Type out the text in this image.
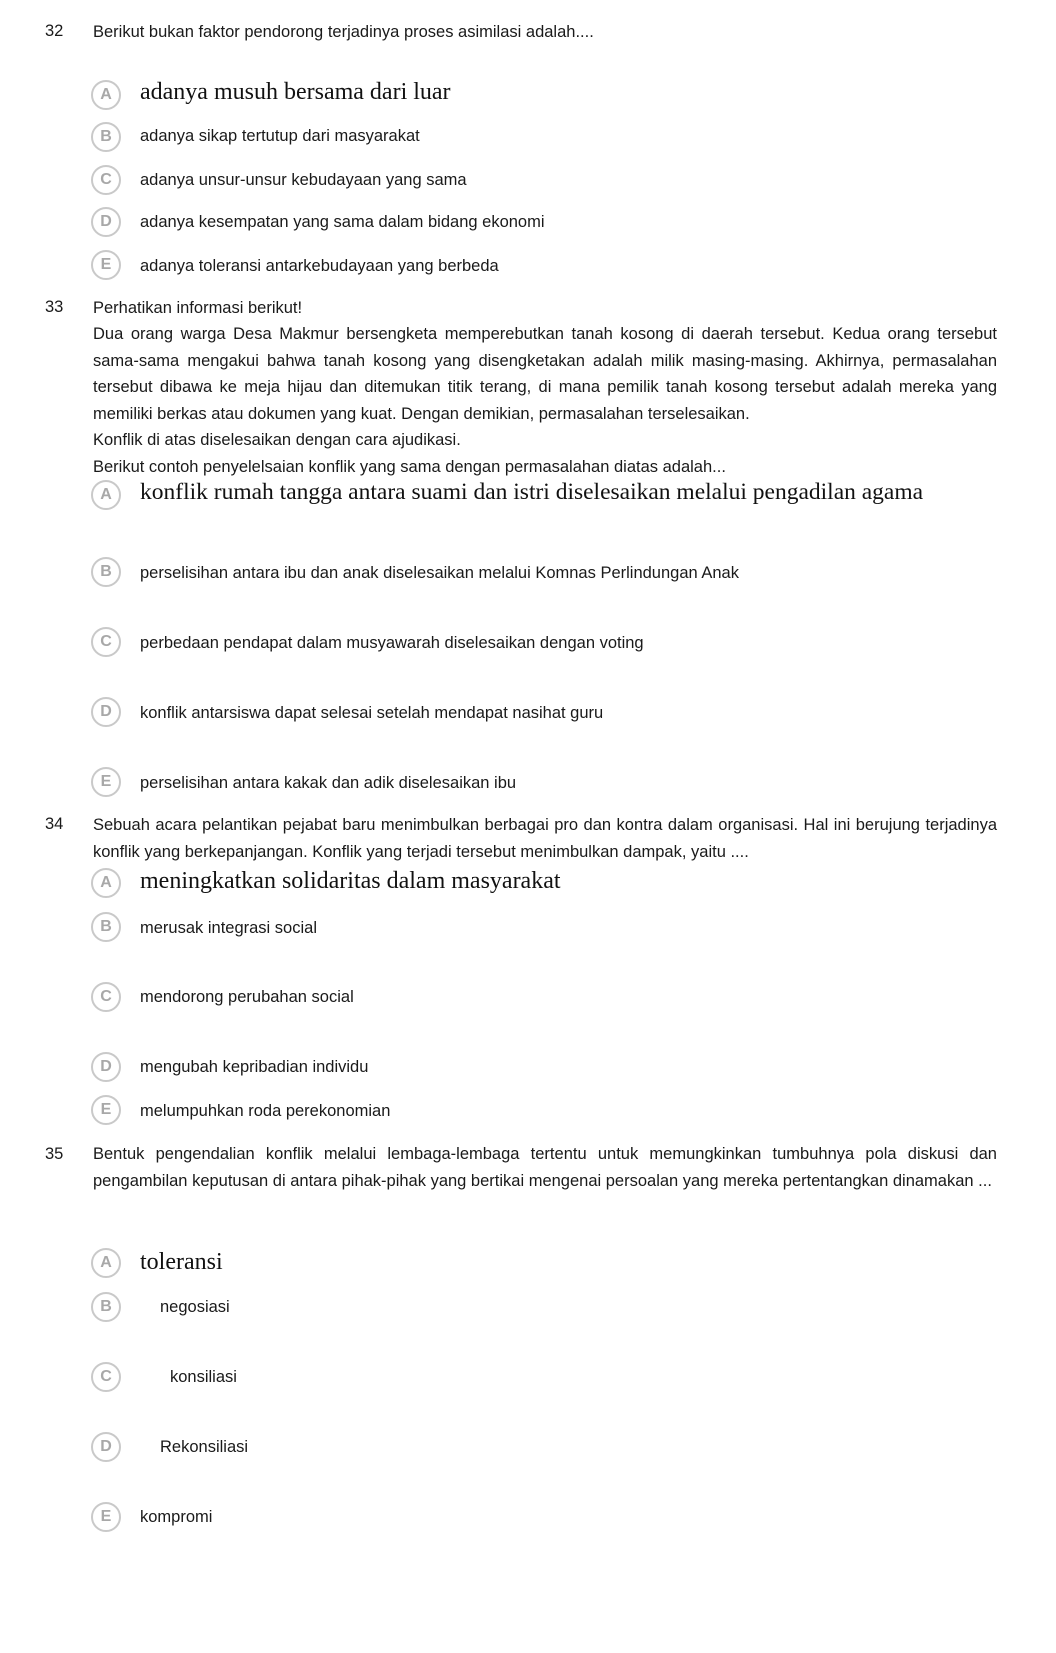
32 Berikut bukan faktor pendorong terjadinya proses asimilasi adalah....
A	adanya musuh bersama dari luar
B	adanya sikap tertutup dari masyarakat
C	adanya unsur-unsur kebudayaan yang sama
D	adanya kesempatan yang sama dalam bidang ekonomi
E	adanya toleransi antarkebudayaan yang berbeda
33 Perhatikan informasi berikut!

Dua orang warga Desa Makmur bersengketa memperebutkan tanah kosong di daerah tersebut. Kedua orang tersebut sama-sama mengakui bahwa tanah kosong yang disengketakan adalah milik masing-masing. Akhirnya, permasalahan tersebut dibawa ke meja hijau dan ditemukan titik terang, di mana pemilik tanah kosong tersebut adalah mereka yang memiliki berkas atau dokumen yang kuat. Dengan demikian, permasalahan terselesaikan.

Konflik di atas diselesaikan dengan cara ajudikasi.

Berikut contoh penyelelsaian konflik yang sama dengan permasalahan diatas adalah...

A	konflik rumah tangga antara suami dan istri diselesaikan melalui pengadilan agama
B	perselisihan antara ibu dan anak diselesaikan melalui Komnas Perlindungan Anak
C	perbedaan pendapat dalam musyawarah diselesaikan dengan voting
D	konflik antarsiswa dapat selesai setelah mendapat nasihat guru
E	perselisihan antara kakak dan adik diselesaikan ibu
34 Sebuah acara pelantikan pejabat baru menimbulkan berbagai pro dan kontra dalam organisasi. Hal ini berujung terjadinya konflik yang berkepanjangan. Konflik yang terjadi tersebut menimbulkan dampak, yaitu ....
A	meningkatkan solidaritas dalam masyarakat
B	merusak integrasi social
C	mendorong perubahan social
D	mengubah kepribadian individu
E	melumpuhkan roda perekonomian
35 Bentuk pengendalian konflik melalui lembaga-lembaga tertentu untuk memungkinkan tumbuhnya pola diskusi dan pengambilan keputusan di antara pihak-pihak yang bertikai mengenai persoalan yang mereka pertentangkan dinamakan ...
A	toleransi
B	negosiasi
C	konsiliasi
D	Rekonsiliasi
E	kompromi
